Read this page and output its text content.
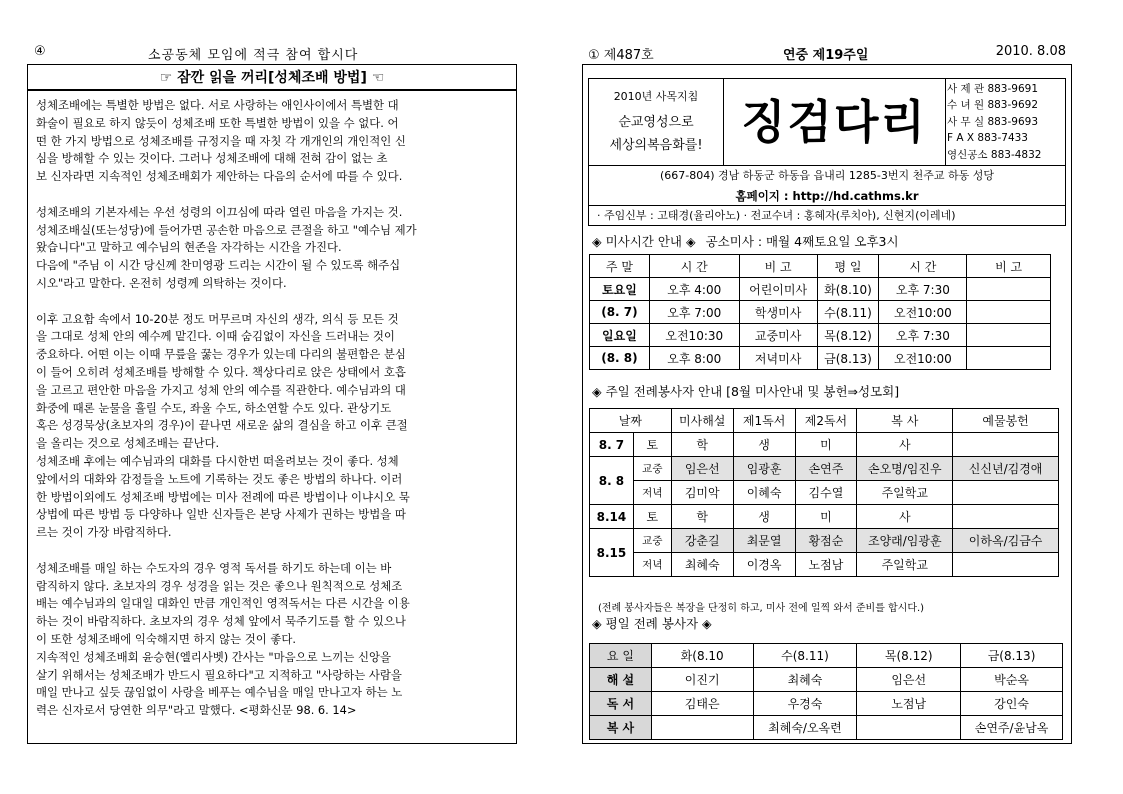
④	소공동체 모임에 적극 참여 합시다
☞ 잠깐 읽을 꺼리[성체조배 방법] ☜

성체조배에는 특별한 방법은 없다. 서로 사랑하는 애인사이에서 특별한 대

화술이 필요로 하지 않듯이 성체조배 또한 특별한 방법이 있을 수 없다. 어

떤 한 가지 방법으로 성체조배를 규정지을 때 자칫 각 개개인의 개인적인 신

심을 방해할 수 있는 것이다. 그러나 성체조배에 대해 전혀 감이 없는 초

보 신자라면 지속적인 성체조배회가 제안하는 다음의 순서에 따를 수 있다.

성체조배의 기본자세는 우선 성령의 이끄심에 따라 열린 마음을 가지는 것.

성체조배실(또는성당)에 들어가면 공손한 마음으로 큰절을 하고 "예수님 제가

왔습니다"고 말하고 예수님의 현존을 자각하는 시간을 가진다.

다음에 "주님 이 시간 당신께 찬미영광 드리는 시간이 될 수 있도록 해주십

시오"라고 말한다. 온전히 성령께 의탁하는 것이다.

이후 고요함 속에서 10-20분 정도 머무르며 자신의 생각, 의식 등 모든 것

을 그대로 성체 안의 예수께 맡긴다. 이때 숨김없이 자신을 드러내는 것이

중요하다. 어떤 이는 이때 무릎을 꿇는 경우가 있는데 다리의 불편함은 분심

이 들어 오히려 성체조배를 방해할 수 있다. 책상다리로 앉은 상태에서 호흡

을 고르고 편안한 마음을 가지고 성체 안의 예수를 직관한다. 예수님과의 대

화중에 때론 눈물을 흘릴 수도, 좌울 수도, 하소연할 수도 있다. 관상기도

혹은 성경묵상(초보자의 경우)이 끝나면 새로운 삶의 결심을 하고 이후 큰절

을 올리는 것으로 성체조배는 끝난다.

성체조배 후에는 예수님과의 대화를 다시한번 떠올려보는 것이 좋다. 성체

앞에서의 대화와 감정들을 노트에 기록하는 것도 좋은 방법의 하나다. 이러

한 방법이외에도 성체조배 방법에는 미사 전례에 따른 방법이나 이냐시오 묵

상법에 따른 방법 등 다양하나 일반 신자들은 본당 사제가 권하는 방법을 따

르는 것이 가장 바람직하다.

성체조배를 매일 하는 수도자의 경우 영적 독서를 하기도 하는데 이는 바

람직하지 않다. 초보자의 경우 성경을 읽는 것은 좋으나 원칙적으로 성체조

배는 예수님과의 일대일 대화인 만큼 개인적인 영적독서는 다른 시간을 이용

하는 것이 바람직하다. 초보자의 경우 성체 앞에서 묵주기도를 할 수 있으나

이 또한 성체조배에 익숙해지면 하지 않는 것이 좋다.

지속적인 성체조배회 윤승현(엘리사벳) 간사는 "마음으로 느끼는 신앙을

살기 위해서는 성체조배가 반드시 필요하다"고 지적하고 "사랑하는 사람을

매일 만나고 싶듯 끊임없이 사랑을 베푸는 예수님을 매일 만나고자 하는 노

력은 신자로서 당연한 의무"라고 말했다. <평화신문 98. 6. 14>

① 제487호	연중 제19주일	2010. 8.08
2010년 사목지침
순교영성으로
세상의복음화를! 징검다리
사 제 관 883-9691
수 녀 원 883-9692
사 무 실 883-9693
F A X 883-7433
영신공소 883-4832
(667-804) 경남 하동군 하동읍 읍내리 1285-3번지 천주교 하동 성당
홈페이지 : http://hd.cathms.kr
· 주임신부 : 고태경(율리아노) · 전교수녀 : 홍혜자(루치아), 신현지(이레네)
◈ 미사시간 안내 ◈ 공소미사 : 매월 4째토요일 오후3시
주 말	시 간	비 고	평 일	시 간	비 고
토요일	오후 4:00	어린이미사	화(8.10)	오후 7:30	
(8. 7)	오후 7:00	학생미사	수(8.11)	오전10:00	
일요일	오전10:30	교중미사	목(8.12)	오후 7:30	
(8. 8)	오후 8:00	저녁미사	금(8.13)	오전10:00	
◈ 주일 전례봉사자 안내 [8월 미사안내 및 봉헌⇒성모회]
날짜		미사해설	제1독서	제2독서	복 사	예물봉헌
8. 7	토	학	생	미	사	
8. 8	교중	임은선	임광훈	손연주	손오명/임진우	신신년/김경애
	저녁	김미악	이혜숙	김수열	주일학교	
8.14	토	학	생	미	사	
8.15	교중	강춘길	최문열	황점순	조양래/임광훈	이하옥/김금수
	저녁	최혜숙	이경옥	노점남	주일학교	
(전례 봉사자들은 복장을 단정히 하고, 미사 전에 일찍 와서 준비를 합시다.)
◈ 평일 전례 봉사자 ◈
요 일	화(8.10	수(8.11)	목(8.12)	금(8.13)
해 설	이진기	최혜숙	임은선	박순옥
독 서	김태은	우경숙	노점남	강인숙
복 사		최혜숙/오옥련		손연주/윤남옥
